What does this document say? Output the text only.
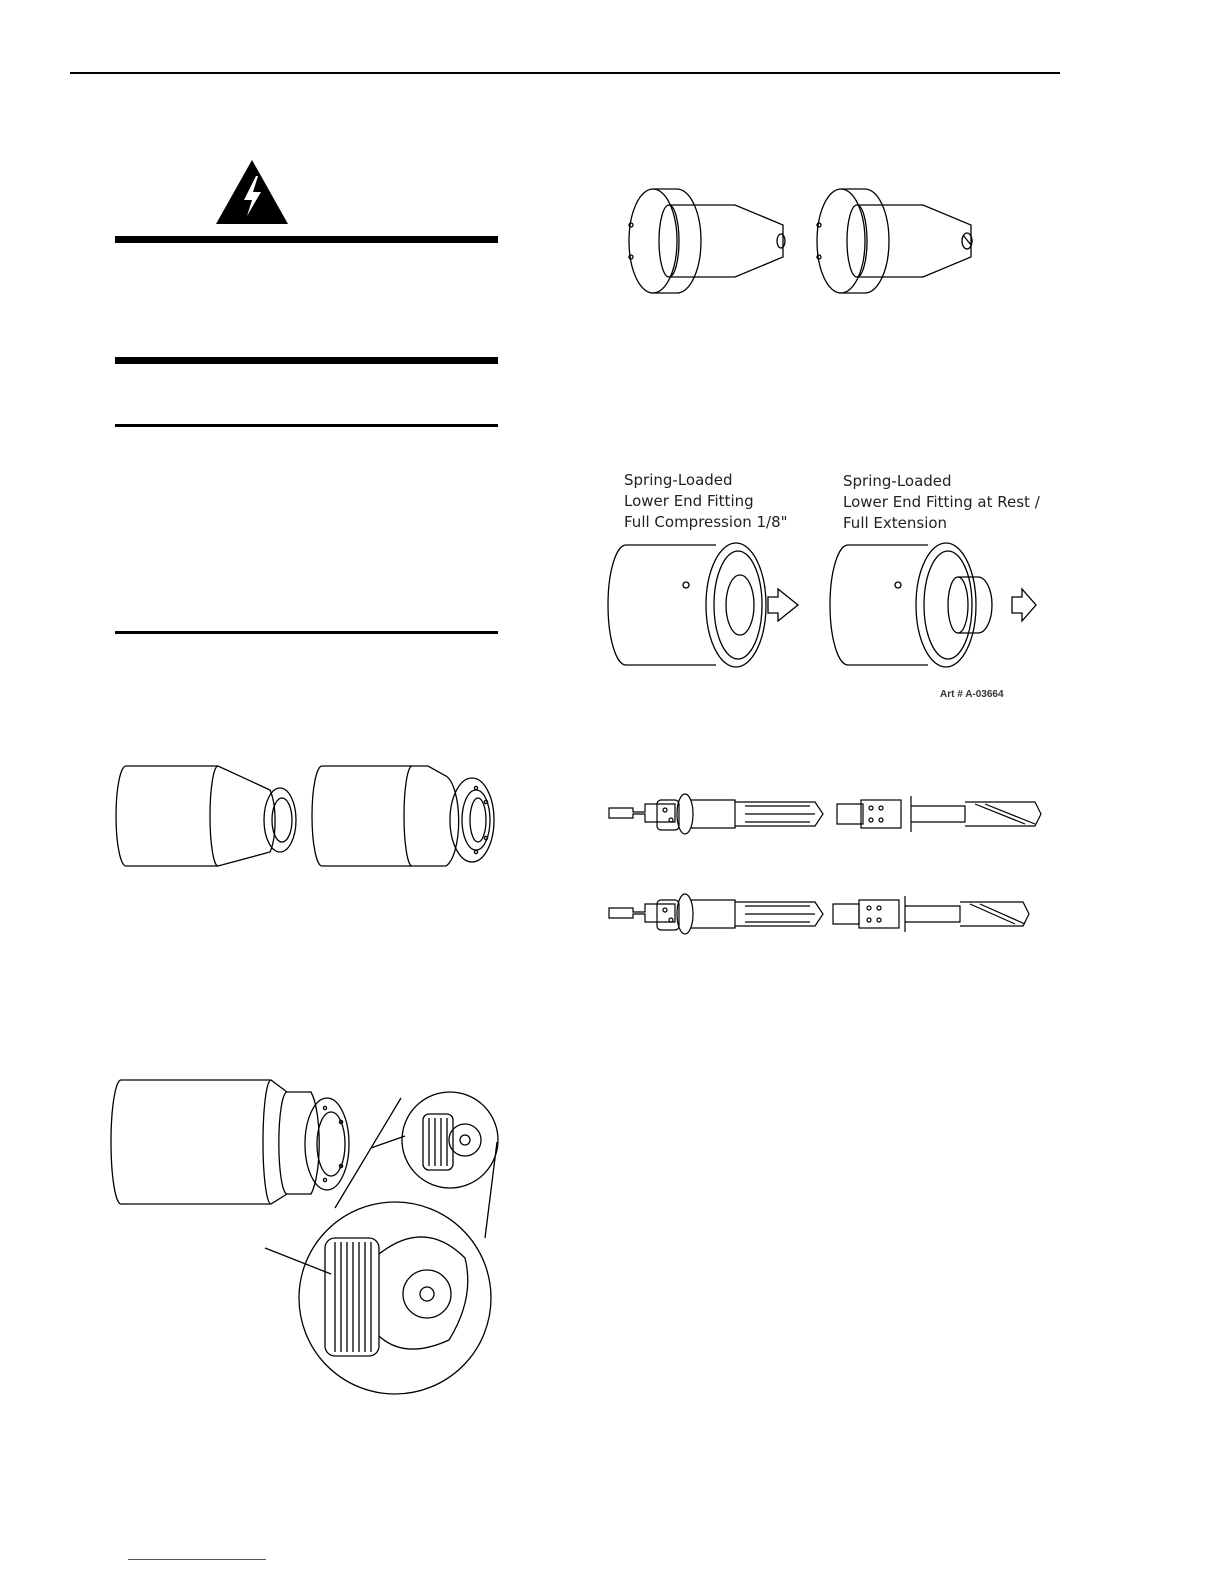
Spring-Loaded
Lower End Fitting
Full Compression 1/8"
Spring-Loaded
Lower End Fitting at Rest /
Full Extension
Art # A-03664
